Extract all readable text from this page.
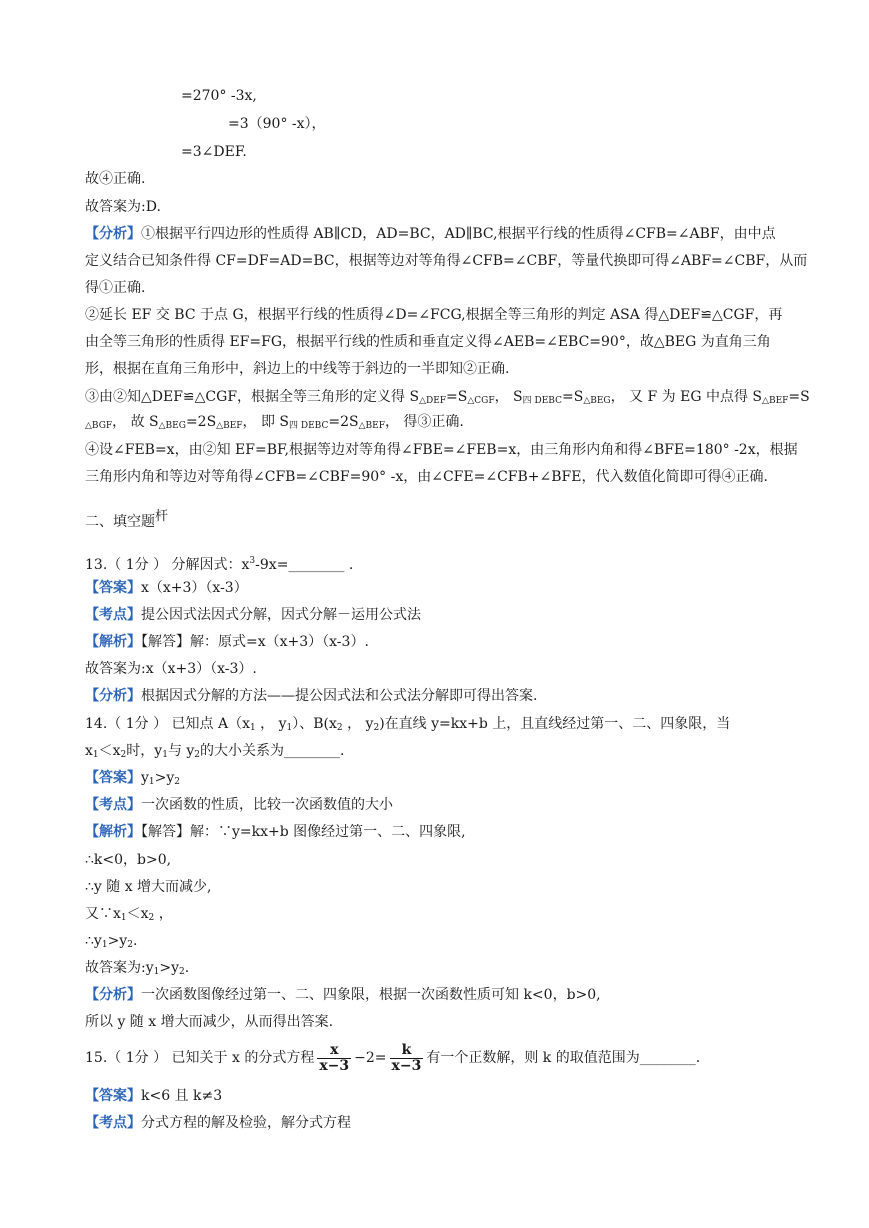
=270° -3x,
=3（90° -x），
=3∠DEF.
故④正确.
故答案为:D.
【分析】①根据平行四边形的性质得 AB∥CD，AD=BC，AD∥BC,根据平行线的性质得∠CFB=∠ABF，由中点
定义结合已知条件得 CF=DF=AD=BC，根据等边对等角得∠CFB=∠CBF，等量代换即可得∠ABF=∠CBF，从而
得①正确.
②延长 EF 交 BC 于点 G，根据平行线的性质得∠D=∠FCG,根据全等三角形的判定 ASA 得△DEF≌△CGF，再
由全等三角形的性质得 EF=FG，根据平行线的性质和垂直定义得∠AEB=∠EBC=90°，故△BEG 为直角三角
形，根据在直角三角形中，斜边上的中线等于斜边的一半即知②正确.
③由②知△DEF≌△CGF，根据全等三角形的定义得 S△DEF=S△CGF， S四 DEBC=S△BEG， 又 F 为 EG 中点得 S△BEF=S
△BGF， 故 S△BEG=2S△BEF， 即 S四 DEBC=2S△BEF， 得③正确.
④设∠FEB=x，由②知 EF=BF,根据等边对等角得∠FBE=∠FEB=x，由三角形内角和得∠BFE=180° -2x，根据
三角形内角和等边对等角得∠CFB=∠CBF=90° -x，由∠CFE=∠CFB+∠BFE，代入数值化简即可得④正确.
二、填空题杆
13.（ 1分 ） 分解因式：$x^3-9x=\_\_\_\_\_\_\_\_$ .
【答案】x（x+3）（x-3）
【考点】提公因式法因式分解，因式分解－运用公式法
【解析】【解答】解：原式=x（x+3）（x-3）.
故答案为:x（x+3）（x-3）.
【分析】根据因式分解的方法——提公因式法和公式法分解即可得出答案.
14.（ 1分 ） 已知点 A（x1 ， y1）、B(x2 ， y2)在直线 y=kx+b 上，且直线经过第一、二、四象限，当
x1＜x2时，y1与 y2的大小关系为________.
【答案】y1>y2
【考点】一次函数的性质，比较一次函数值的大小
【解析】【解答】解：∵y=kx+b 图像经过第一、二、四象限,
∴k<0，b>0,
∴y 随 x 增大而减少,
又∵x1＜x2 ，
∴y1>y2.
故答案为:y1>y2.
【分析】一次函数图像经过第一、二、四象限，根据一次函数性质可知 k<0，b>0,
所以 y 随 x 增大而减少，从而得出答案.
15.（ 1分 ） 已知关于 x 的分式方程 $\frac{x}{x-3} -2= \frac{k}{x-3}$ 有一个正数解，则 k 的取值范围为________.
【答案】k<6 且 k≠3
【考点】分式方程的解及检验，解分式方程
